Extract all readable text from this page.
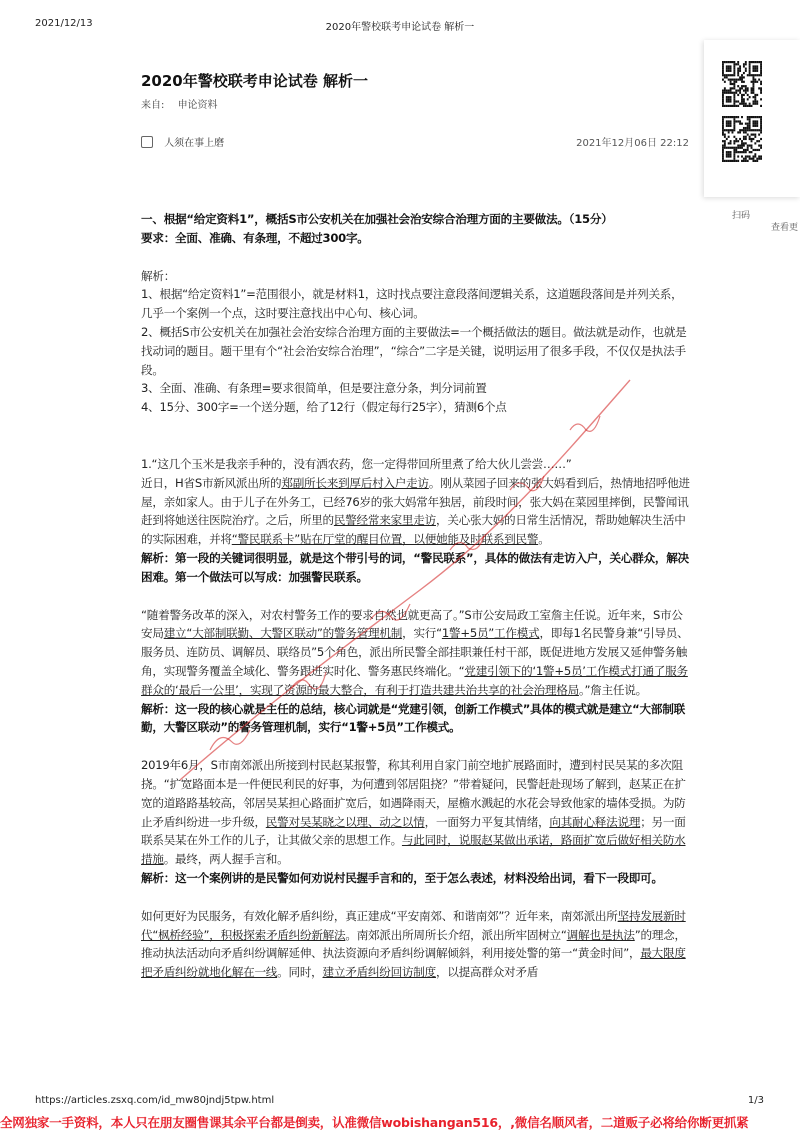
2021/12/13	2020年警校联考申论试卷 解析一
2020年警校联考申论试卷 解析一
来自: 申论资料
人须在事上磨	2021年12月06日 22:12
扫码
查看更

一、根据“给定资料1”，概括S市公安机关在加强社会治安综合治理方面的主要做法。（15分）

要求：全面、准确、有条理，不超过300字。

解析：

1、根据“给定资料1”=范围很小，就是材料1，这时找点要注意段落间逻辑关系，这道题段落间是并列关系，几乎一个案例一个点，这时要注意找出中心句、核心词。

2、概括S市公安机关在加强社会治安综合治理方面的主要做法=一个概括做法的题目。做法就是动作，也就是找动词的题目。题干里有个“社会治安综合治理”，“综合”二字是关键，说明运用了很多手段，不仅仅是执法手段。

3、全面、准确、有条理=要求很简单，但是要注意分条，判分词前置

4、15分、300字=一个送分题，给了12行（假定每行25字），猜测6个点

1.“这几个玉米是我亲手种的，没有洒农药，您一定得带回所里煮了给大伙儿尝尝……”

近日，H省S市新风派出所的郑副所长来到厚后村入户走访。刚从菜园子回来的张大妈看到后，热情地招呼他进屋，亲如家人。由于儿子在外务工，已经76岁的张大妈常年独居，前段时间，张大妈在菜园里摔倒，民警闻讯赶到将她送往医院治疗。之后，所里的民警经常来家里走访，关心张大妈的日常生活情况，帮助她解决生活中的实际困难，并将“警民联系卡”贴在厅堂的醒目位置，以便她能及时联系到民警。

解析：第一段的关键词很明显，就是这个带引号的词，“警民联系”，具体的做法有走访入户，关心群众，解决困难。第一个做法可以写成：加强警民联系。

“随着警务改革的深入，对农村警务工作的要求自然也就更高了。”S市公安局政工室詹主任说。近年来，S市公安局建立“大部制联勤、大警区联动”的警务管理机制，实行“1警+5员”工作模式，即每1名民警身兼“引导员、服务员、连防员、调解员、联络员”5个角色，派出所民警全部挂职兼任村干部，既促进地方发展又延伸警务触角，实现警务覆盖全域化、警务跟进实时化、警务惠民终端化。“党建引领下的‘1警+5员’工作模式打通了服务群众的‘最后一公里’，实现了资源的最大整合，有利于打造共建共治共享的社会治理格局。”詹主任说。

解析：这一段的核心就是主任的总结，核心词就是“党建引领，创新工作模式”具体的模式就是建立“大部制联勤，大警区联动”的警务管理机制，实行“1警+5员”工作模式。

2019年6月，S市南郊派出所接到村民赵某报警，称其利用自家门前空地扩展路面时，遭到村民吴某的多次阻挠。“扩宽路面本是一件便民利民的好事，为何遭到邻居阻挠？”带着疑问，民警赶赴现场了解到，赵某正在扩宽的道路路基较高，邻居吴某担心路面扩宽后，如遇降雨天，屋檐水溅起的水花会导致他家的墙体受损。为防止矛盾纠纷进一步升级，民警对吴某晓之以理、动之以情，一面努力平复其情绪，向其耐心释法说理；另一面联系吴某在外工作的儿子，让其做父亲的思想工作。与此同时，说服赵某做出承诺，路面扩宽后做好相关防水措施。最终，两人握手言和。

解析：这一个案例讲的是民警如何劝说村民握手言和的，至于怎么表述，材料没给出词，看下一段即可。

如何更好为民服务，有效化解矛盾纠纷，真正建成“平安南郊、和谐南郊”？近年来，南郊派出所坚持发展新时代“枫桥经验”，积极探索矛盾纠纷新解法。南郊派出所周所长介绍，派出所牢固树立“调解也是执法”的理念，推动执法活动向矛盾纠纷调解延伸、执法资源向矛盾纠纷调解倾斜，利用接处警的第一“黄金时间”，最大限度把矛盾纠纷就地化解在一线。同时，建立矛盾纠纷回访制度，以提高群众对矛盾

https://articles.zsxq.com/id_mw80jndj5tpw.html	1/3
全网独家一手资料，本人只在朋友圈售课其余平台都是倒卖，认准微信wobishangan516，,微信名顺风者，二道贩子必将给你断更抓紧
